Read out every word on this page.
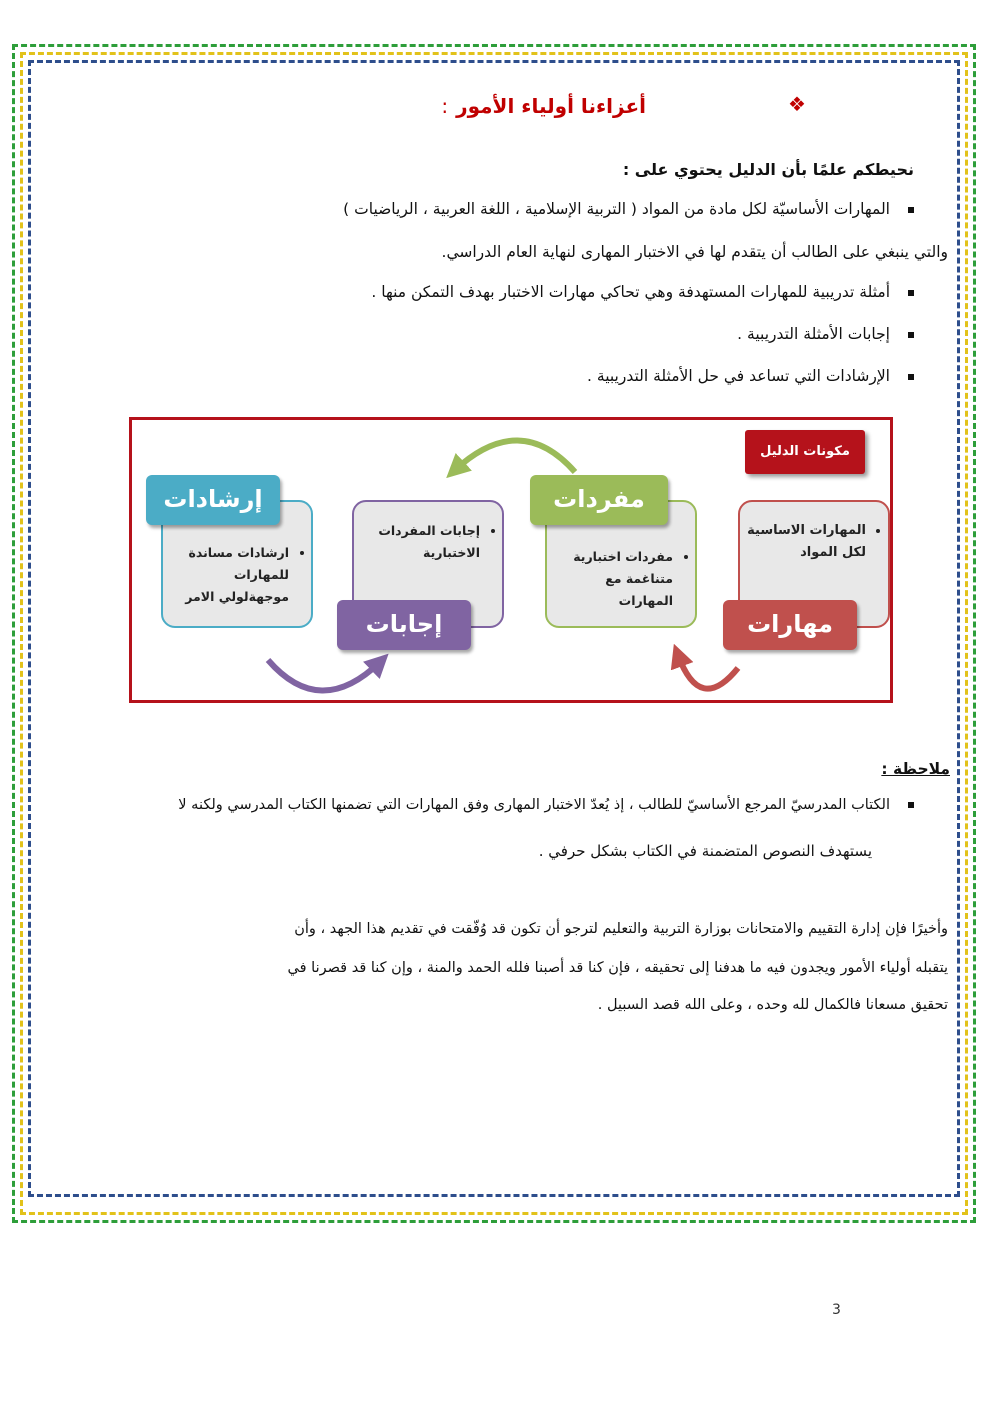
❖
أعزاءنا أولياء الأمور:
نحيطكم علمًا بأن الدليل يحتوي على :
المهارات الأساسيّة لكل مادة من المواد ( التربية الإسلامية ، اللغة العربية ، الرياضيات )
والتي ينبغي على الطالب أن يتقدم لها في الاختبار المهارى لنهاية العام الدراسي.
أمثلة تدريبية للمهارات المستهدفة وهي تحاكي مهارات الاختبار بهدف التمكن منها .
إجابات الأمثلة التدريبية .
الإرشادات التي تساعد في حل الأمثلة التدريبية .
مكونات الدليل
• المهارات الاساسية لكل المواد
مهارات
• مفردات اختبارية متناغمة مع المهارات
مفردات
• إجابات المفردات الاختبارية
إجابات
• ارشادات مساندة للمهارات موجهةلولي الامر
إرشادات
ملاحظة :
الكتاب المدرسيّ المرجع الأساسيّ للطالب ، إذ يُعدّ الاختبار المهارى وفق المهارات التي تضمنها الكتاب المدرسي ولكنه لا
يستهدف النصوص المتضمنة في الكتاب بشكل حرفي .
وأخيرًا فإن إدارة التقييم والامتحانات بوزارة التربية والتعليم لترجو أن تكون قد وُفّقت في تقديم هذا الجهد ، وأن
يتقبله أولياء الأمور ويجدون فيه ما هدفنا إلى تحقيقه ، فإن كنا قد أصبنا فلله الحمد والمنة ، وإن كنا قد قصرنا في
تحقيق مسعانا فالكمال لله وحده ، وعلى الله قصد السبيل .
3
